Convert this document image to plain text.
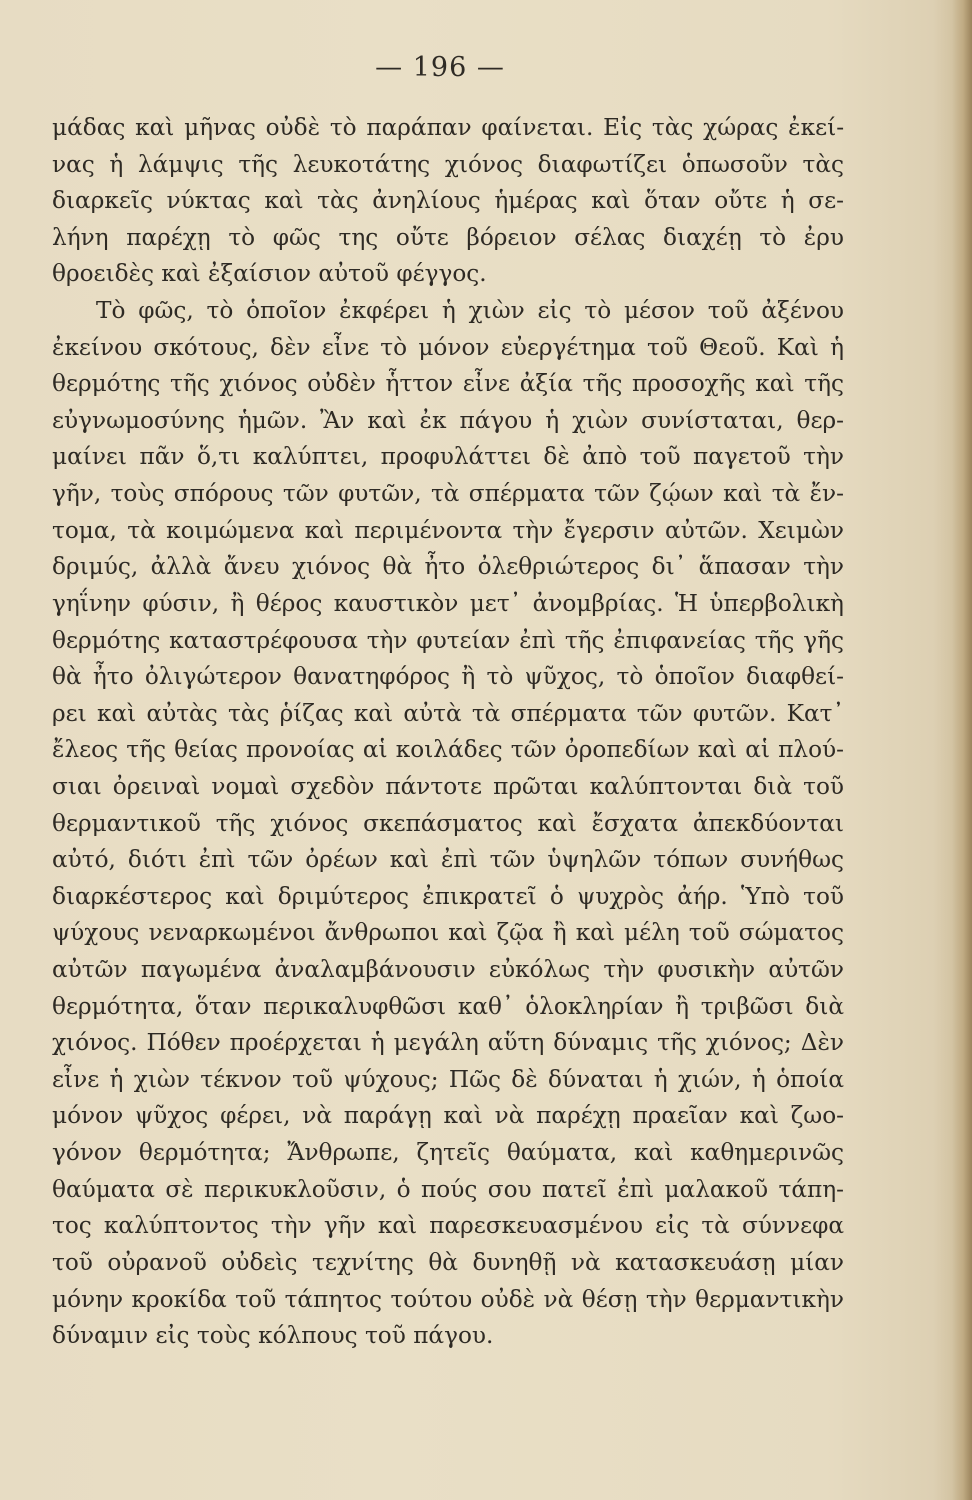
— 196 —
μάδας καὶ μῆνας οὐδὲ τὸ παράπαν φαίνεται. Εἰς τὰς χώρας ἐκεί-
νας ἡ λάμψις τῆς λευκοτάτης χιόνος διαφωτίζει ὁπωσοῦν τὰς
διαρκεῖς νύκτας καὶ τὰς ἀνηλίους ἡμέρας καὶ ὅταν οὔτε ἡ σε-
λήνη παρέχῃ τὸ φῶς της οὔτε βόρειον σέλας διαχέῃ τὸ ἐρυ
θροειδὲς καὶ ἐξαίσιον αὐτοῦ φέγγος.
Τὸ φῶς, τὸ ὁποῖον ἐκφέρει ἡ χιὼν εἰς τὸ μέσον τοῦ ἀξένου
ἐκείνου σκότους, δὲν εἶνε τὸ μόνον εὐεργέτημα τοῦ Θεοῦ. Καὶ ἡ
θερμότης τῆς χιόνος οὐδὲν ἧττον εἶνε ἀξία τῆς προσοχῆς καὶ τῆς
εὐγνωμοσύνης ἡμῶν. Ἂν καὶ ἐκ πάγου ἡ χιὼν συνίσταται, θερ-
μαίνει πᾶν ὅ,τι καλύπτει, προφυλάττει δὲ ἀπὸ τοῦ παγετοῦ τὴν
γῆν, τοὺς σπόρους τῶν φυτῶν, τὰ σπέρματα τῶν ζῴων καὶ τὰ ἔν-
τομα, τὰ κοιμώμενα καὶ περιμένοντα τὴν ἔγερσιν αὐτῶν. Χειμὼν
δριμύς, ἀλλὰ ἄνευ χιόνος θὰ ἦτο ὀλεθριώτερος δι᾿ ἅπασαν τὴν
γηΐνην φύσιν, ἢ θέρος καυστικὸν μετ᾿ ἀνομβρίας. Ἡ ὑπερβολικὴ
θερμότης καταστρέφουσα τὴν φυτείαν ἐπὶ τῆς ἐπιφανείας τῆς γῆς
θὰ ἦτο ὀλιγώτερον θανατηφόρος ἢ τὸ ψῦχος, τὸ ὁποῖον διαφθεί-
ρει καὶ αὐτὰς τὰς ῥίζας καὶ αὐτὰ τὰ σπέρματα τῶν φυτῶν. Κατ᾿
ἔλεος τῆς θείας προνοίας αἱ κοιλάδες τῶν ὀροπεδίων καὶ αἱ πλού-
σιαι ὀρειναὶ νομαὶ σχεδὸν πάντοτε πρῶται καλύπτονται διὰ τοῦ
θερμαντικοῦ τῆς χιόνος σκεπάσματος καὶ ἔσχατα ἀπεκδύονται
αὐτό, διότι ἐπὶ τῶν ὀρέων καὶ ἐπὶ τῶν ὑψηλῶν τόπων συνήθως
διαρκέστερος καὶ δριμύτερος ἐπικρατεῖ ὁ ψυχρὸς ἀήρ. Ὑπὸ τοῦ
ψύχους νεναρκωμένοι ἄνθρωποι καὶ ζῷα ἢ καὶ μέλη τοῦ σώματος
αὐτῶν παγωμένα ἀναλαμβάνουσιν εὐκόλως τὴν φυσικὴν αὐτῶν
θερμότητα, ὅταν περικαλυφθῶσι καθ᾿ ὁλοκληρίαν ἢ τριβῶσι διὰ
χιόνος. Πόθεν προέρχεται ἡ μεγάλη αὕτη δύναμις τῆς χιόνος; Δὲν
εἶνε ἡ χιὼν τέκνον τοῦ ψύχους; Πῶς δὲ δύναται ἡ χιών, ἡ ὁποία
μόνον ψῦχος φέρει, νὰ παράγῃ καὶ νὰ παρέχῃ πραεῖαν καὶ ζωο-
γόνον θερμότητα; Ἄνθρωπε, ζητεῖς θαύματα, καὶ καθημερινῶς
θαύματα σὲ περικυκλοῦσιν, ὁ πούς σου πατεῖ ἐπὶ μαλακοῦ τάπη-
τος καλύπτοντος τὴν γῆν καὶ παρεσκευασμένου εἰς τὰ σύννεφα
τοῦ οὐρανοῦ οὐδεὶς τεχνίτης θὰ δυνηθῇ νὰ κατασκευάσῃ μίαν
μόνην κροκίδα τοῦ τάπητος τούτου οὐδὲ νὰ θέσῃ τὴν θερμαντικὴν
δύναμιν εἰς τοὺς κόλπους τοῦ πάγου.
